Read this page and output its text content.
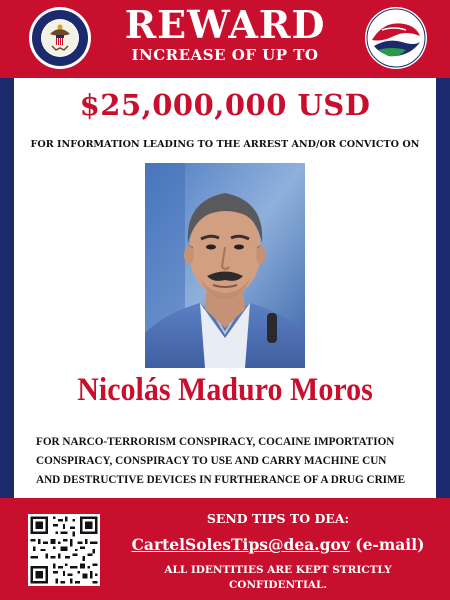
REWARD
INCREASE OF UP TO
$25,000,000 USD
FOR INFORMATION LEADING TO THE ARREST AND/OR CONVICTO ON
Nicolás Maduro Moros
FOR NARCO-TERRORISM CONSPIRACY, COCAINE IMPORTATION
CONSPIRACY, CONSPIRACY TO USE AND CARRY MACHINE CUN
AND DESTRUCTIVE DEVICES IN FURTHERANCE OF A DRUG CRIME
SEND TIPS TO DEA:
CartelSolesTips@dea.gov (e-mail)
ALL IDENTITIES ARE KEPT STRICTLY
CONFIDENTIAL.
